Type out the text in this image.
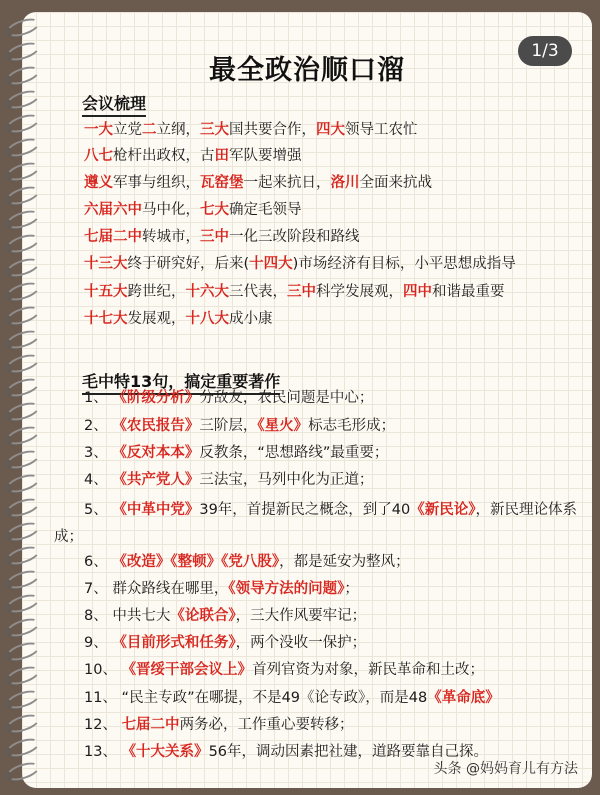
1/3
最全政治顺口溜
会议梳理
一大立党二立纲，三大国共要合作，四大领导工农忙
八七枪杆出政权，古田军队要增强
遵义军事与组织，瓦窑堡一起来抗日，洛川全面来抗战
六届六中马中化，七大确定毛领导
七届二中转城市，三中一化三改阶段和路线
十三大终于研究好，后来(十四大)市场经济有目标，小平思想成指导
十五大跨世纪，十六大三代表，三中科学发展观，四中和谐最重要
十七大发展观，十八大成小康
毛中特13句，搞定重要著作
1、 《阶级分析》分敌友，农民问题是中心；
2、 《农民报告》三阶层，《星火》标志毛形成；
3、 《反对本本》反教条，“思想路线”最重要；
4、 《共产党人》三法宝，马列中化为正道；
5、 《中革中党》39年，首提新民之概念，到了40《新民论》，新民理论体系成；
6、 《改造》《整顿》《党八股》，都是延安为整风；
7、 群众路线在哪里，《领导方法的问题》；
8、 中共七大《论联合》，三大作风要牢记；
9、 《目前形式和任务》，两个没收一保护；
10、 《晋绥干部会议上》首列官资为对象，新民革命和土改；
11、 “民主专政”在哪提，不是49《论专政》，而是48《革命底》
12、 七届二中两务必，工作重心要转移；
13、 《十大关系》56年，调动因素把社建，道路要靠自己探。
头条 @妈妈育儿有方法
